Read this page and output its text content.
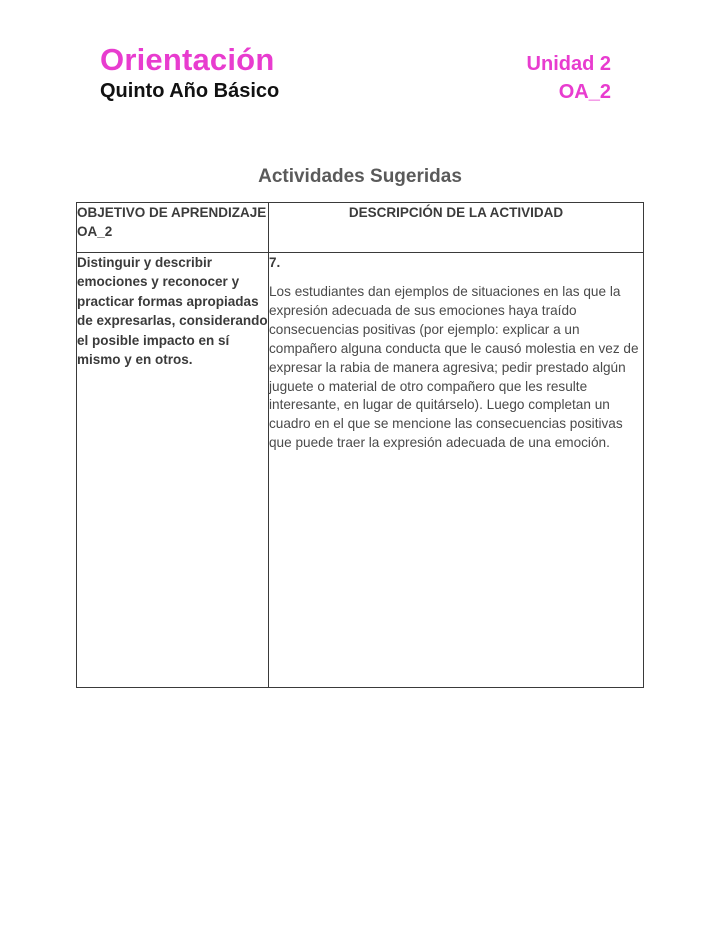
Orientación
Quinto Año Básico
Unidad 2
OA_2
Actividades Sugeridas
OBJETIVO DE APRENDIZAJE OA_2	DESCRIPCIÓN DE LA ACTIVIDAD
Distinguir y describir emociones y reconocer y practicar formas apropiadas de expresarlas, considerando el posible impacto en sí mismo y en otros.	7.
Los estudiantes dan ejemplos de situaciones en las que la expresión adecuada de sus emociones haya traído consecuencias positivas (por ejemplo: explicar a un compañero alguna conducta que le causó molestia en vez de expresar la rabia de manera agresiva; pedir prestado algún juguete o material de otro compañero que les resulte interesante, en lugar de quitárselo). Luego completan un cuadro en el que se mencione las consecuencias positivas que puede traer la expresión adecuada de una emoción.
